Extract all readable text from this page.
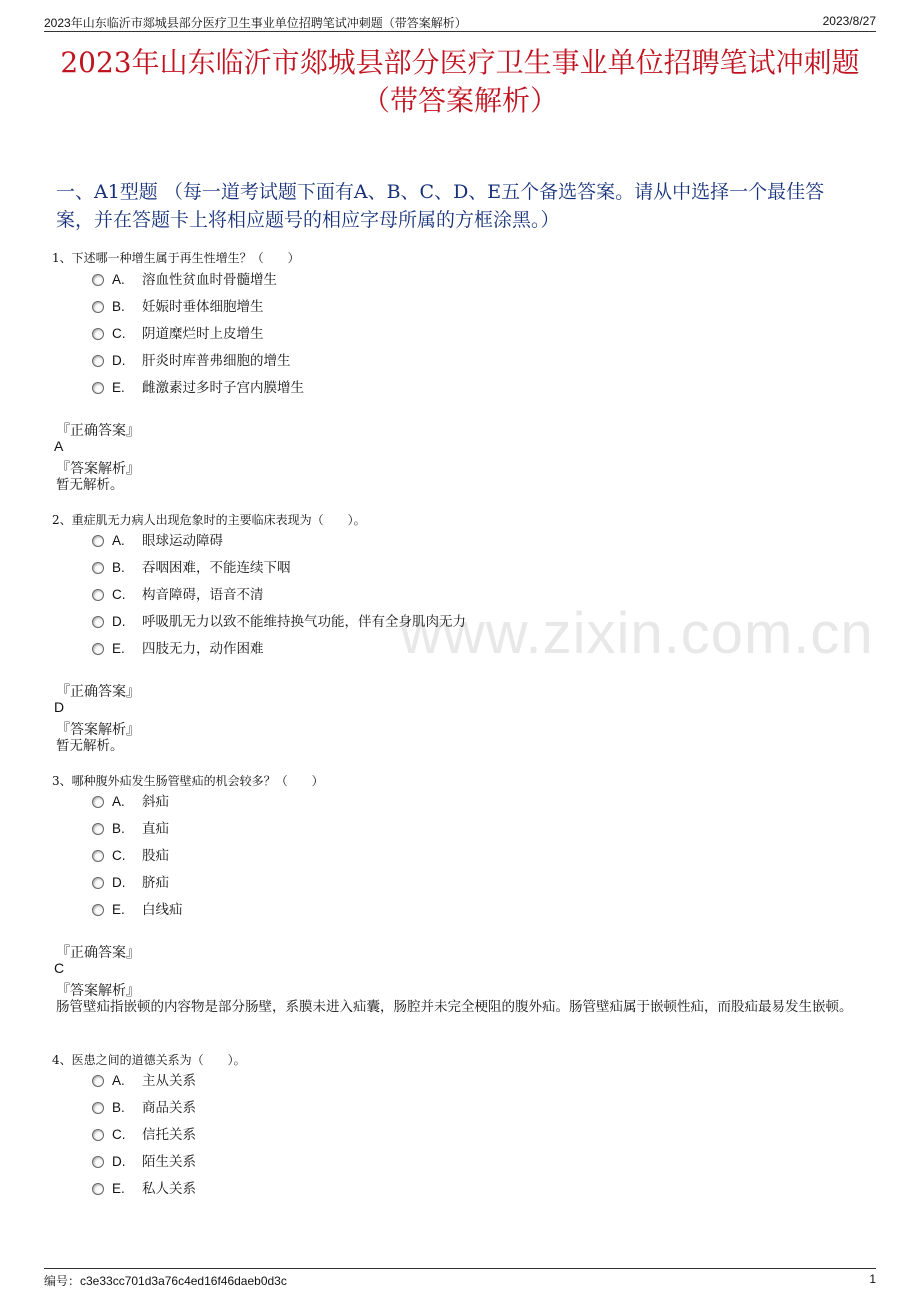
2023年山东临沂市郯城县部分医疗卫生事业单位招聘笔试冲刺题（带答案解析）	2023/8/27
2023年山东临沂市郯城县部分医疗卫生事业单位招聘笔试冲刺题（带答案解析）
一、A1型题 （每一道考试题下面有A、B、C、D、E五个备选答案。请从中选择一个最佳答案，并在答题卡上将相应题号的相应字母所属的方框涂黑。）
www.zixin.com.cn
1、下述哪一种增生属于再生性增生？（　　）
A. 溶血性贫血时骨髓增生
B. 妊娠时垂体细胞增生
C. 阴道糜烂时上皮增生
D. 肝炎时库普弗细胞的增生
E. 雌激素过多时子宫内膜增生
『正确答案』
A
『答案解析』
暂无解析。
2、重症肌无力病人出现危象时的主要临床表现为（　　）。
A. 眼球运动障碍
B. 吞咽困难，不能连续下咽
C. 构音障碍，语音不清
D. 呼吸肌无力以致不能维持换气功能，伴有全身肌肉无力
E. 四肢无力，动作困难
『正确答案』
D
『答案解析』
暂无解析。
3、哪种腹外疝发生肠管壁疝的机会较多？（　　）
A. 斜疝
B. 直疝
C. 股疝
D. 脐疝
E. 白线疝
『正确答案』
C
『答案解析』
肠管壁疝指嵌顿的内容物是部分肠壁，系膜未进入疝囊，肠腔并未完全梗阻的腹外疝。肠管壁疝属于嵌顿性疝，而股疝最易发生嵌顿。
4、医患之间的道德关系为（　　）。
A. 主从关系
B. 商品关系
C. 信托关系
D. 陌生关系
E. 私人关系
编号：c3e33cc701d3a76c4ed16f46daeb0d3c	1
